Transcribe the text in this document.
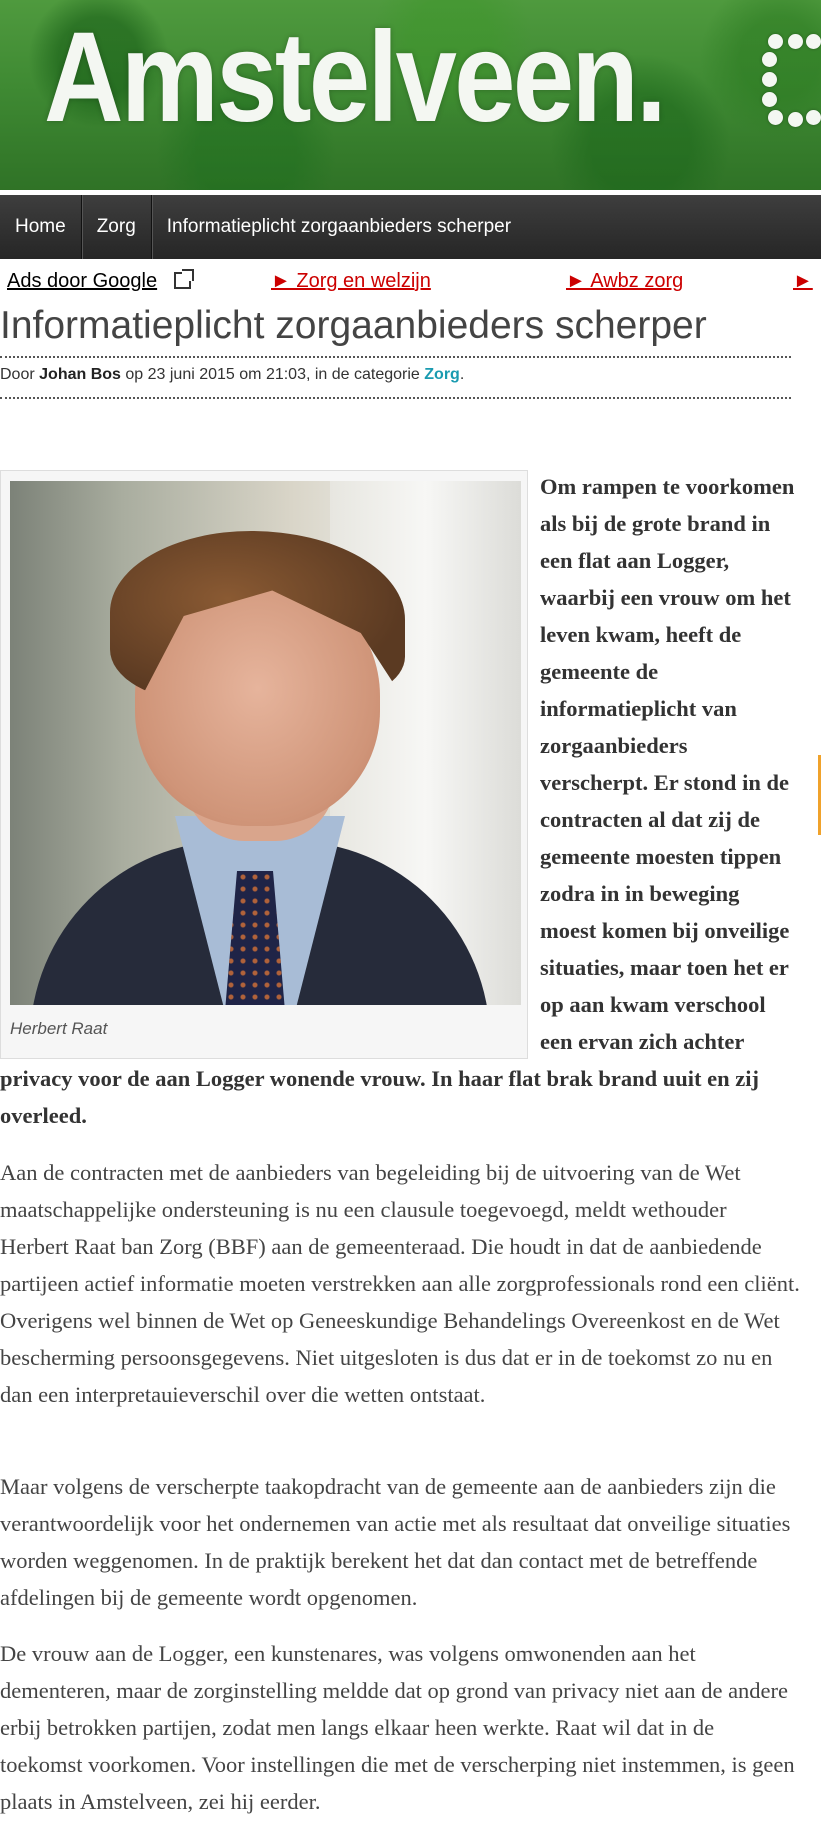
Amstelveen.
Home	Zorg	Informatieplicht zorgaanbieders scherper
Ads door Google	► Zorg en welzijn	► Awbz zorg	►
Informatieplicht zorgaanbieders scherper
Door Johan Bos op 23 juni 2015 om 21:03, in de categorie Zorg.
Herbert Raat

Om rampen te voorkomen als bij de grote brand in een flat aan Logger, waarbij een vrouw om het leven kwam, heeft de gemeente de informatieplicht van zorgaanbieders verscherpt. Er stond in de contracten al dat zij de gemeente moesten tippen zodra in in beweging moest komen bij onveilige situaties, maar toen het er op aan kwam verschool een ervan zich achter privacy voor de aan Logger wonende vrouw. In haar flat brak brand uuit en zij overleed.

Aan de contracten met de aanbieders van begeleiding bij de uitvoering van de Wet maatschappelijke ondersteuning is nu een clausule toegevoegd, meldt wethouder Herbert Raat ban Zorg (BBF) aan de gemeenteraad. Die houdt in dat de aanbiedende partijeen actief informatie moeten verstrekken aan alle zorgprofessionals rond een cliënt. Overigens wel binnen de Wet op Geneeskundige Behandelings Overeenkost en de Wet bescherming persoonsgegevens. Niet uitgesloten is dus dat er in de toekomst zo nu en dan een interpretauieverschil over die wetten ontstaat.

Maar volgens de verscherpte taakopdracht van de gemeente aan de aanbieders zijn die verantwoordelijk voor het ondernemen van actie met als resultaat dat onveilige situaties worden weggenomen. In de praktijk berekent het dat dan contact met de betreffende afdelingen bij de gemeente wordt opgenomen.

De vrouw aan de Logger, een kunstenares, was volgens omwonenden aan het dementeren, maar de zorginstelling meldde dat op grond van privacy niet aan de andere erbij betrokken partijen, zodat men langs elkaar heen werkte. Raat wil dat in de toekomst voorkomen. Voor instellingen die met de verscherping niet instemmen, is geen plaats in Amstelveen, zei hij eerder.
